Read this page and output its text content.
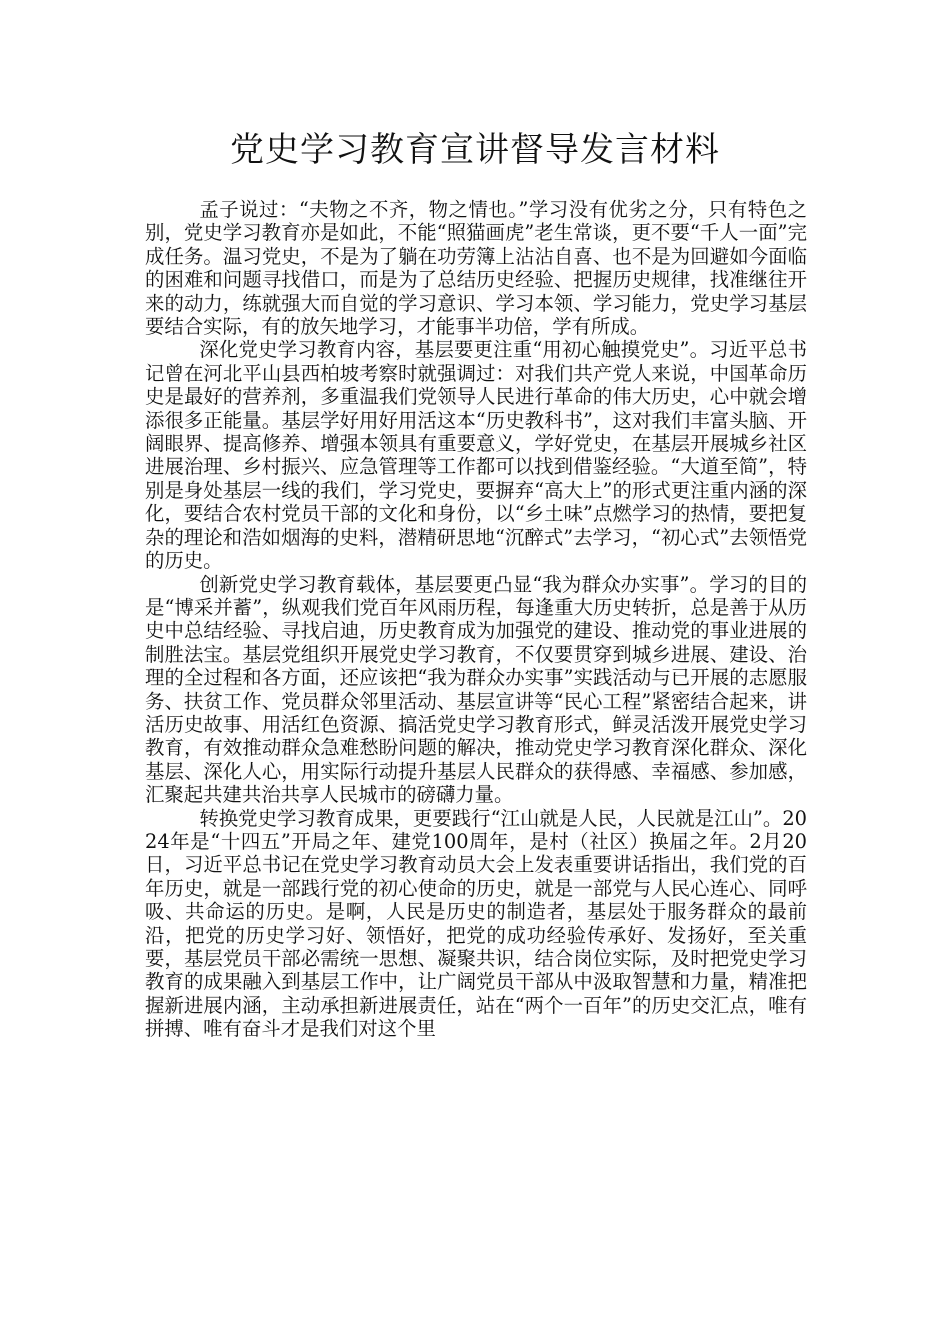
党史学习教育宣讲督导发言材料

孟子说过：“夫物之不齐，物之情也。”学习没有优劣之分，只有特色之别，党史学习教育亦是如此，不能“照猫画虎”老生常谈，更不要“千人一面”完成任务。温习党史，不是为了躺在功劳簿上沾沾自喜、也不是为回避如今面临的困难和问题寻找借口，而是为了总结历史经验、把握历史规律，找准继往开来的动力，练就强大而自觉的学习意识、学习本领、学习能力，党史学习基层要结合实际，有的放矢地学习，才能事半功倍，学有所成。

深化党史学习教育内容，基层要更注重“用初心触摸党史”。习近平总书记曾在河北平山县西柏坡考察时就强调过：对我们共产党人来说，中国革命历史是最好的营养剂，多重温我们党领导人民进行革命的伟大历史，心中就会增添很多正能量。基层学好用好用活这本“历史教科书”，这对我们丰富头脑、开阔眼界、提高修养、增强本领具有重要意义，学好党史，在基层开展城乡社区进展治理、乡村振兴、应急管理等工作都可以找到借鉴经验。“大道至简”，特别是身处基层一线的我们，学习党史，要摒弃“高大上”的形式更注重内涵的深化，要结合农村党员干部的文化和身份，以“乡土味”点燃学习的热情，要把复杂的理论和浩如烟海的史料，潜精研思地“沉醉式”去学习，“初心式”去领悟党的历史。

创新党史学习教育载体，基层要更凸显“我为群众办实事”。学习的目的是“博采并蓄”，纵观我们党百年风雨历程，每逢重大历史转折，总是善于从历史中总结经验、寻找启迪，历史教育成为加强党的建设、推动党的事业进展的制胜法宝。基层党组织开展党史学习教育，不仅要贯穿到城乡进展、建设、治理的全过程和各方面，还应该把“我为群众办实事”实践活动与已开展的志愿服务、扶贫工作、党员群众邻里活动、基层宣讲等“民心工程”紧密结合起来，讲活历史故事、用活红色资源、搞活党史学习教育形式，鲜灵活泼开展党史学习教育，有效推动群众急难愁盼问题的解决，推动党史学习教育深化群众、深化基层、深化人心，用实际行动提升基层人民群众的获得感、幸福感、参加感，汇聚起共建共治共享人民城市的磅礴力量。

转换党史学习教育成果，更要践行“江山就是人民，人民就是江山”。2024年是“十四五”开局之年、建党100周年，是村（社区）换届之年。2月20日，习近平总书记在党史学习教育动员大会上发表重要讲话指出，我们党的百年历史，就是一部践行党的初心使命的历史，就是一部党与人民心连心、同呼吸、共命运的历史。是啊，人民是历史的制造者，基层处于服务群众的最前沿，把党的历史学习好、领悟好，把党的成功经验传承好、发扬好，至关重要，基层党员干部必需统一思想、凝聚共识，结合岗位实际，及时把党史学习教育的成果融入到基层工作中，让广阔党员干部从中汲取智慧和力量，精准把握新进展内涵，主动承担新进展责任，站在“两个一百年”的历史交汇点，唯有拼搏、唯有奋斗才是我们对这个里
